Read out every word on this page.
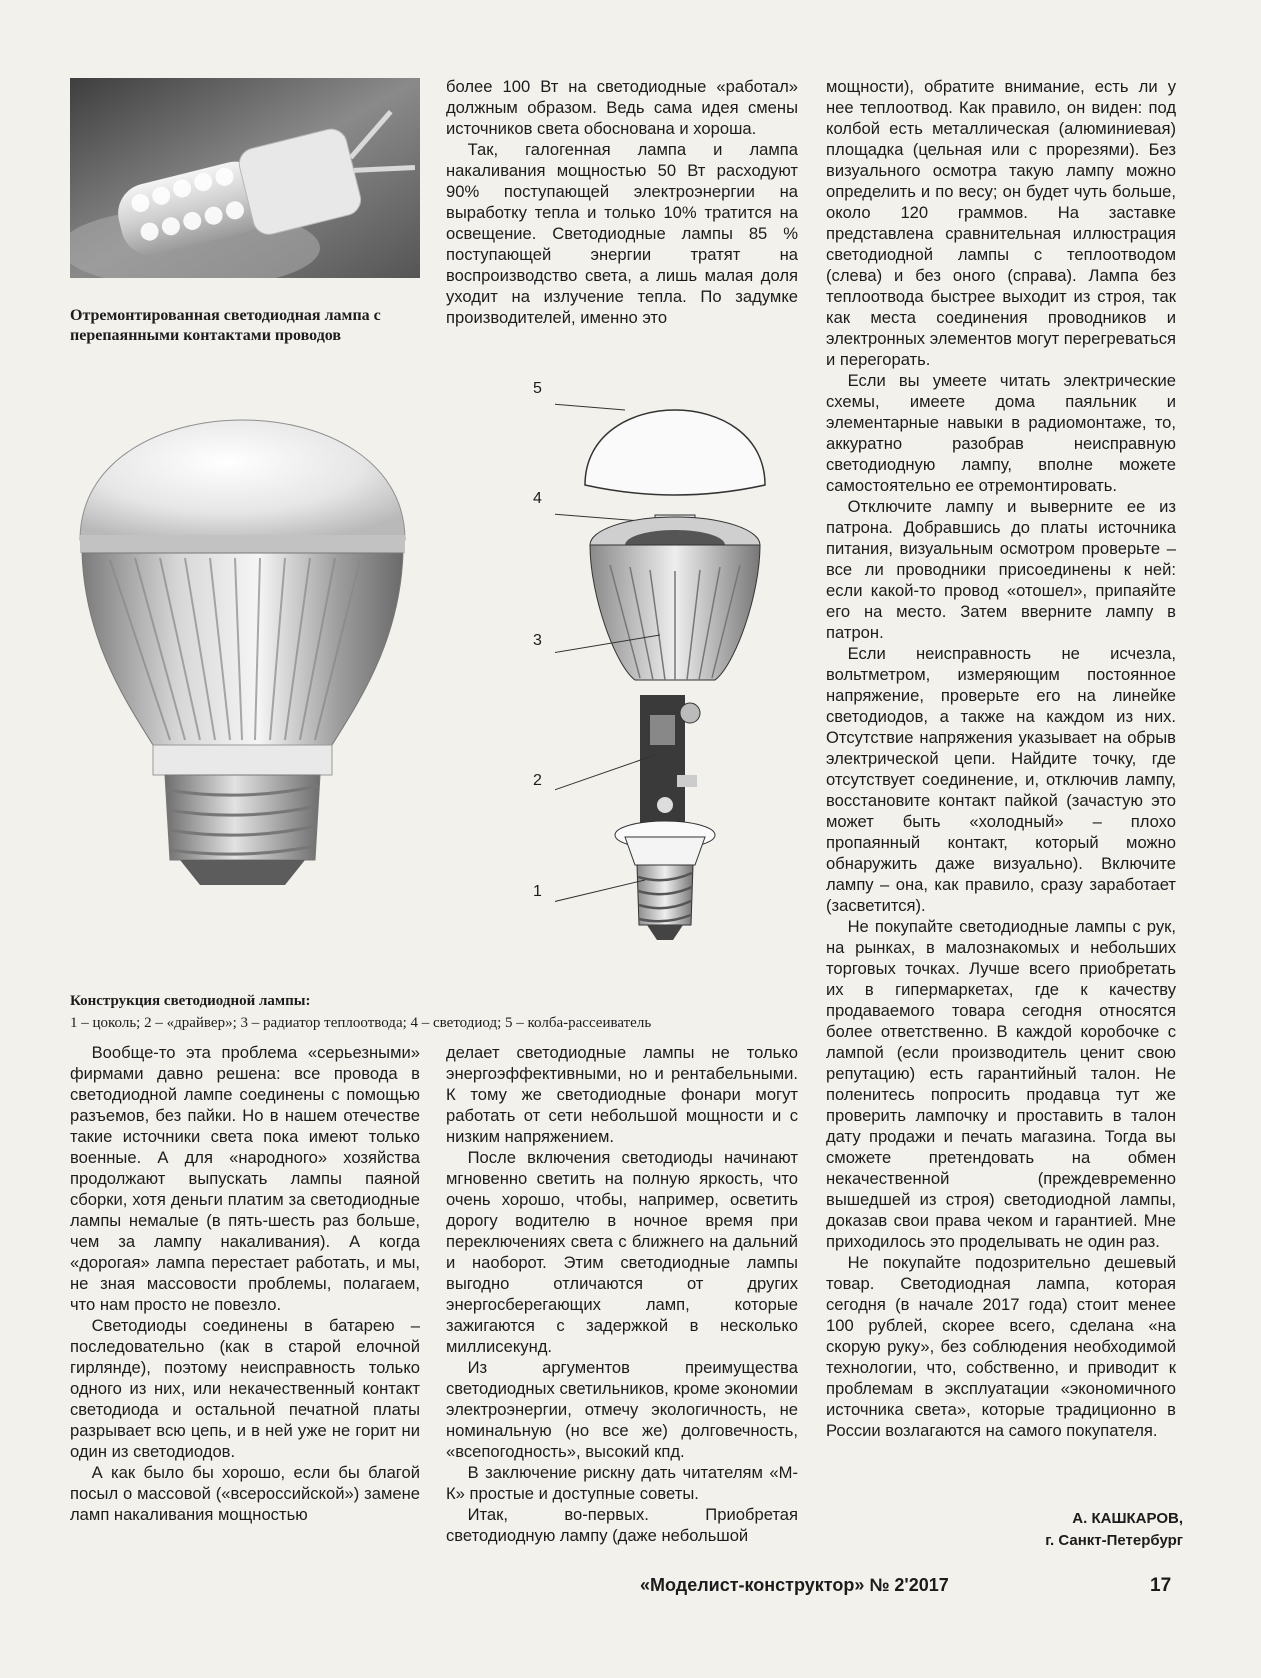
Отремонтированная светодиодная лампа с перепаянными контактами проводов

более 100 Вт на светодиодные «работал» должным образом. Ведь сама идея смены источников света обоснована и хороша.

Так, галогенная лампа и лампа накаливания мощностью 50 Вт расходуют 90% поступающей электроэнергии на выработку тепла и только 10% тратится на освещение. Светодиодные лампы 85 % поступающей энергии тратят на воспроизводство света, а лишь малая доля уходит на излучение тепла. По задумке производителей, именно это

мощности), обратите внимание, есть ли у нее теплоотвод. Как правило, он виден: под колбой есть металлическая (алюминиевая) площадка (цельная или с прорезями). Без визуального осмотра такую лампу можно определить и по весу; он будет чуть больше, около 120 граммов. На заставке представлена сравнительная иллюстрация светодиодной лампы с теплоотводом (слева) и без оного (справа). Лампа без теплоотвода быстрее выходит из строя, так как места соединения проводников и электронных элементов могут перегреваться и перегорать.

Если вы умеете читать электрические схемы, имеете дома паяльник и элементарные навыки в радиомонтаже, то, аккуратно разобрав неисправную светодиодную лампу, вполне можете самостоятельно ее отремонтировать.

Отключите лампу и выверните ее из патрона. Добравшись до платы источника питания, визуальным осмотром проверьте – все ли проводники присоединены к ней: если какой-то провод «отошел», припаяйте его на место. Затем вверните лампу в патрон.

Если неисправность не исчезла, вольтметром, измеряющим постоянное напряжение, проверьте его на линейке светодиодов, а также на каждом из них. Отсутствие напряжения указывает на обрыв электрической цепи. Найдите точку, где отсутствует соединение, и, отключив лампу, восстановите контакт пайкой (зачастую это может быть «холодный» – плохо пропаянный контакт, который можно обнаружить даже визуально). Включите лампу – она, как правило, сразу заработает (засветится).

Не покупайте светодиодные лампы с рук, на рынках, в малознакомых и небольших торговых точках. Лучше всего приобретать их в гипермаркетах, где к качеству продаваемого товара сегодня относятся более ответственно. В каждой коробочке с лампой (если производитель ценит свою репутацию) есть гарантийный талон. Не поленитесь попросить продавца тут же проверить лампочку и проставить в талон дату продажи и печать магазина. Тогда вы сможете претендовать на обмен некачественной (преждевременно вышедшей из строя) светодиодной лампы, доказав свои права чеком и гарантией. Мне приходилось это проделывать не один раз.

Не покупайте подозрительно дешевый товар. Светодиодная лампа, которая сегодня (в начале 2017 года) стоит менее 100 рублей, скорее всего, сделана «на скорую руку», без соблюдения необходимой технологии, что, собственно, и приводит к проблемам в эксплуатации «экономичного источника света», которые традиционно в России возлагаются на самого покупателя.

5
4
3
2
1
Конструкция светодиодной лампы:
1 – цоколь; 2 – «драйвер»; 3 – радиатор теплоотвода; 4 – светодиод; 5 – колба-рассеиватель

Вообще-то эта проблема «серьезными» фирмами давно решена: все провода в светодиодной лампе соединены с помощью разъемов, без пайки. Но в нашем отечестве такие источники света пока имеют только военные. А для «народного» хозяйства продолжают выпускать лампы паяной сборки, хотя деньги платим за светодиодные лампы немалые (в пять-шесть раз больше, чем за лампу накаливания). А когда «дорогая» лампа перестает работать, и мы, не зная массовости проблемы, полагаем, что нам просто не повезло.

Светодиоды соединены в батарею – последовательно (как в старой елочной гирлянде), поэтому неисправность только одного из них, или некачественный контакт светодиода и остальной печатной платы разрывает всю цепь, и в ней уже не горит ни один из светодиодов.

А как было бы хорошо, если бы благой посыл о массовой («всероссийской») замене ламп накаливания мощностью

делает светодиодные лампы не только энергоэффективными, но и рентабельными. К тому же светодиодные фонари могут работать от сети небольшой мощности и с низким напряжением.

После включения светодиоды начинают мгновенно светить на полную яркость, что очень хорошо, чтобы, например, осветить дорогу водителю в ночное время при переключениях света с ближнего на дальний и наоборот. Этим светодиодные лампы выгодно отличаются от других энергосберегающих ламп, которые зажигаются с задержкой в несколько миллисекунд.

Из аргументов преимущества светодиодных светильников, кроме экономии электроэнергии, отмечу экологичность, не номинальную (но все же) долговечность, «всепогодность», высокий кпд.

В заключение рискну дать читателям «М-К» простые и доступные советы.

Итак, во-первых. Приобретая светодиодную лампу (даже небольшой

А. КАШКАРОВ,
г. Санкт-Петербург
«Моделист-конструктор» № 2'2017	17
